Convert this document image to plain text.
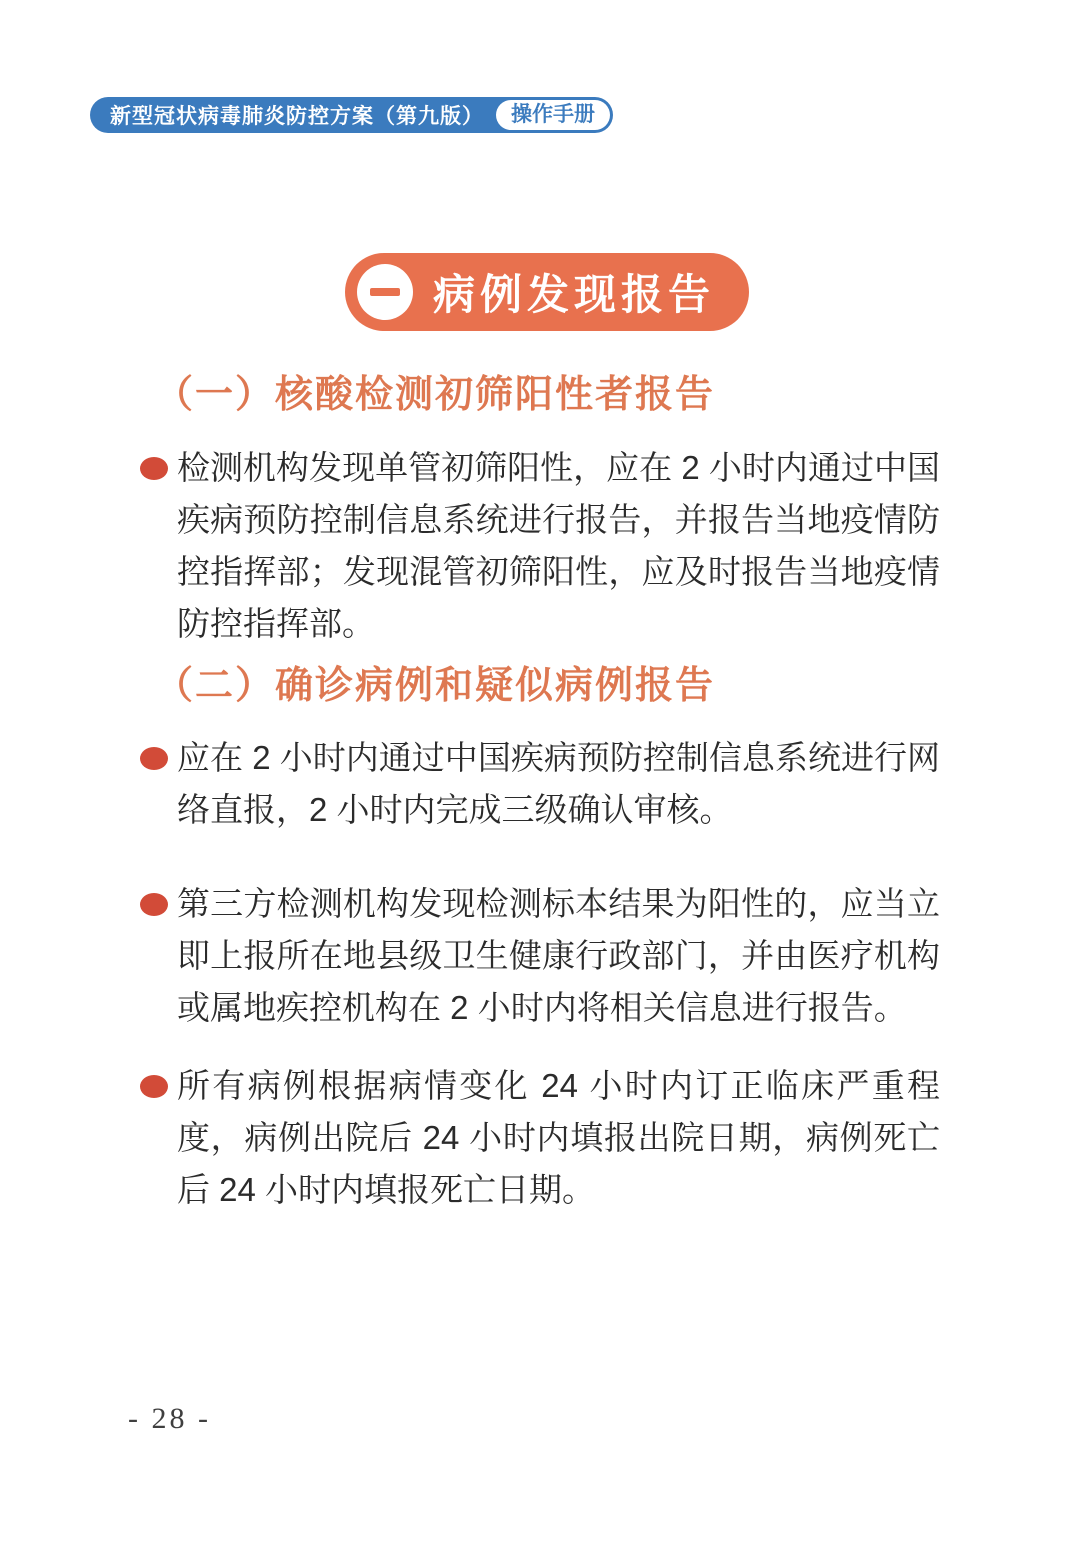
新型冠状病毒肺炎防控方案（第九版）	操作手册
病例发现报告
（一）核酸检测初筛阳性者报告
检测机构发现单管初筛阳性，应在 2 小时内通过中国疾病预防控制信息系统进行报告，并报告当地疫情防控指挥部；发现混管初筛阳性，应及时报告当地疫情防控指挥部。
（二）确诊病例和疑似病例报告
应在 2 小时内通过中国疾病预防控制信息系统进行网络直报，2 小时内完成三级确认审核。
第三方检测机构发现检测标本结果为阳性的，应当立即上报所在地县级卫生健康行政部门，并由医疗机构或属地疾控机构在 2 小时内将相关信息进行报告。
所有病例根据病情变化 24 小时内订正临床严重程度，病例出院后 24 小时内填报出院日期，病例死亡后 24 小时内填报死亡日期。
- 28 -
